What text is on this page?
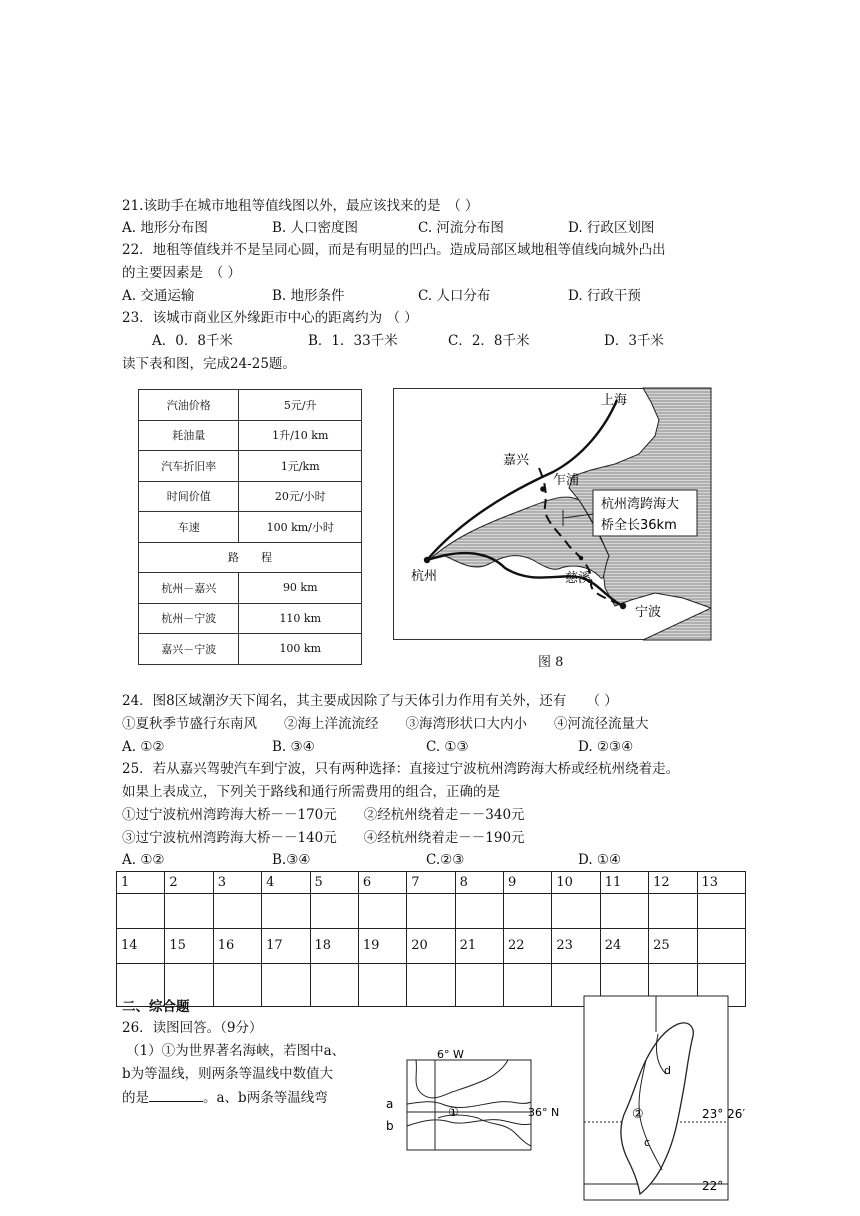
21.该助手在城市地租等值线图以外，最应该找来的是　（ ）
A. 地形分布图	B. 人口密度图	C. 河流分布图	D. 行政区划图
22．地租等值线并不是呈同心圆，而是有明显的凹凸。造成局部区域地租等值线向城外凸出
的主要因素是　（ ）
A. 交通运输	B. 地形条件	C. 人口分布	D. 行政干预
23．该城市商业区外缘距市中心的距离约为 （ ）
A．0．8千米	B．1．33千米	C．2．8千米	D．3千米
读下表和图，完成24-25题。
汽油价格	5元/升
耗油量	1升/10 km
汽车折旧率	1元/km
时间价值	20元/小时
车速	100 km/小时
路　　程	
杭州－嘉兴	90 km
杭州－宁波	110 km
嘉兴－宁波	100 km
杭州湾跨海大
桥全长36km
上海
嘉兴
乍浦
杭州	慈溪
宁波
图 8
24．图8区域潮汐天下闻名，其主要成因除了与天体引力作用有关外，还有　　（ ）
①夏秋季节盛行东南风　　②海上洋流流经　　③海湾形状口大内小　　④河流径流量大
A. ①②	B. ③④	C. ①③	D. ②③④
25．若从嘉兴驾驶汽车到宁波，只有两种选择：直接过宁波杭州湾跨海大桥或经杭州绕着走。
如果上表成立，下列关于路线和通行所需费用的组合，正确的是
①过宁波杭州湾跨海大桥－－170元　　②经杭州绕着走－－340元
③过宁波杭州湾跨海大桥－－140元　　④经杭州绕着走－－190元
A. ①②	B.③④	C.②③	D. ①④
1	2	3	4	5	6	7	8	9	10	11	12	13

14	15	16	17	18	19	20	21	22	23	24	25	

二、综合题
26．读图回答。（9分）
（1）①为世界著名海峡，若图中a、
b为等温线，则两条等温线中数值大
的是	。a、b两条等温线弯
6° W
36° N
a
b
①	②
c
d
23° 26′
22°
